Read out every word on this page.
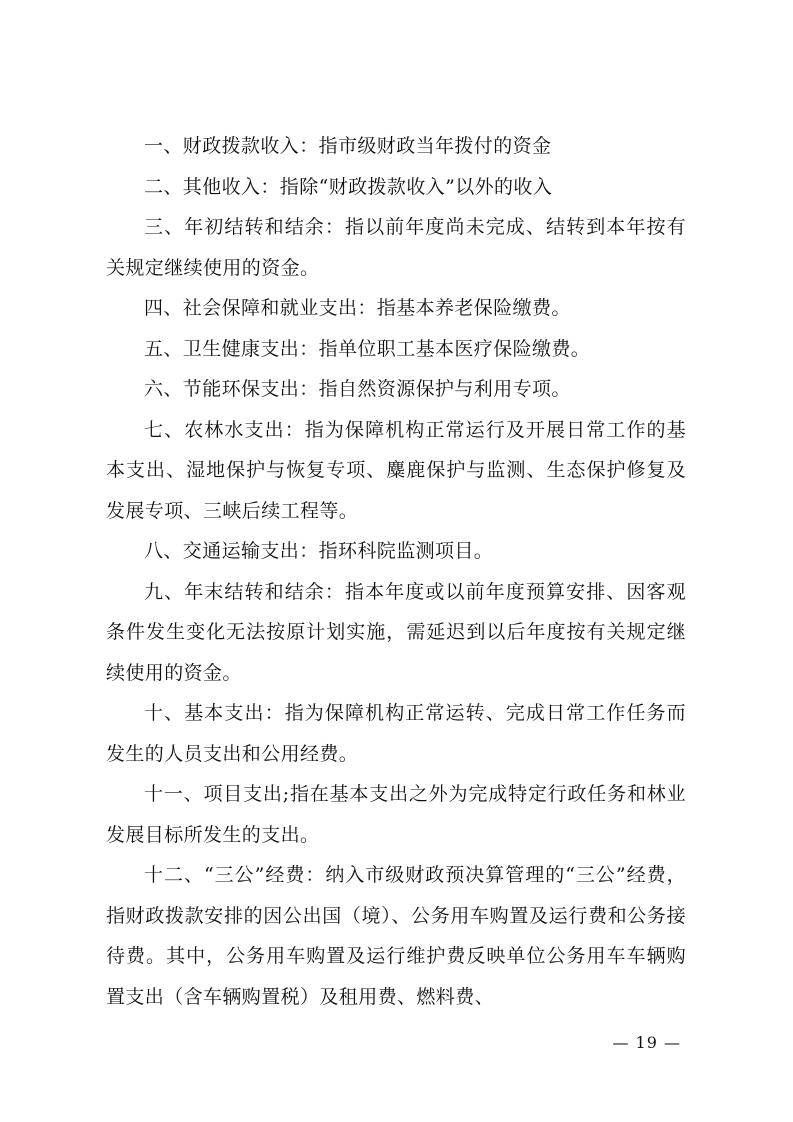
一、财政拨款收入：指市级财政当年拨付的资金

二、其他收入：指除“财政拨款收入”以外的收入

三、年初结转和结余：指以前年度尚未完成、结转到本年按有关规定继续使用的资金。

四、社会保障和就业支出：指基本养老保险缴费。

五、卫生健康支出：指单位职工基本医疗保险缴费。

六、节能环保支出：指自然资源保护与利用专项。

七、农林水支出：指为保障机构正常运行及开展日常工作的基本支出、湿地保护与恢复专项、麋鹿保护与监测、生态保护修复及发展专项、三峡后续工程等。

八、交通运输支出：指环科院监测项目。

九、年末结转和结余：指本年度或以前年度预算安排、因客观条件发生变化无法按原计划实施，需延迟到以后年度按有关规定继续使用的资金。

十、基本支出：指为保障机构正常运转、完成日常工作任务而发生的人员支出和公用经费。

十一、项目支出;指在基本支出之外为完成特定行政任务和林业发展目标所发生的支出。

十二、“三公”经费：纳入市级财政预决算管理的“三公”经费，指财政拨款安排的因公出国（境）、公务用车购置及运行费和公务接待费。其中，公务用车购置及运行维护费反映单位公务用车车辆购置支出（含车辆购置税）及租用费、燃料费、

— 19 —
